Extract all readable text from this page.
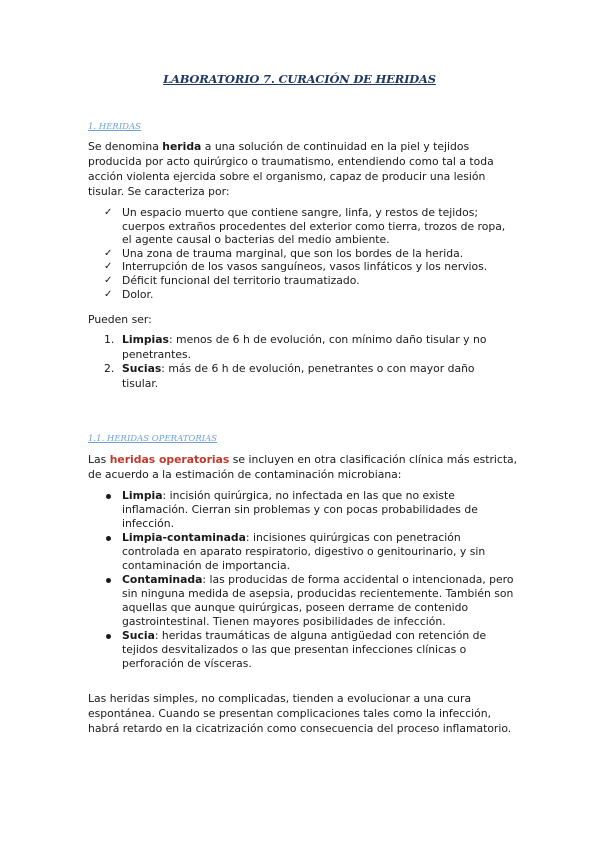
LABORATORIO 7. CURACIÓN DE HERIDAS
1. HERIDAS

Se denomina herida a una solución de continuidad en la piel y tejidos producida por acto quirúrgico o traumatismo, entendiendo como tal a toda acción violenta ejercida sobre el organismo, capaz de producir una lesión tisular. Se caracteriza por:

✓ Un espacio muerto que contiene sangre, linfa, y restos de tejidos; cuerpos extraños procedentes del exterior como tierra, trozos de ropa, el agente causal o bacterias del medio ambiente.
✓ Una zona de trauma marginal, que son los bordes de la herida.
✓ Interrupción de los vasos sanguíneos, vasos linfáticos y los nervios.
✓ Déficit funcional del territorio traumatizado.
✓ Dolor.

Pueden ser:

1. Limpias: menos de 6 h de evolución, con mínimo daño tisular y no penetrantes.
2. Sucias: más de 6 h de evolución, penetrantes o con mayor daño tisular.
1.1. HERIDAS OPERATORIAS

Las heridas operatorias se incluyen en otra clasificación clínica más estricta, de acuerdo a la estimación de contaminación microbiana:

Limpia: incisión quirúrgica, no infectada en las que no existe inflamación. Cierran sin problemas y con pocas probabilidades de infección.
Limpia-contaminada: incisiones quirúrgicas con penetración controlada en aparato respiratorio, digestivo o genitourinario, y sin contaminación de importancia.
Contaminada: las producidas de forma accidental o intencionada, pero sin ninguna medida de asepsia, producidas recientemente. También son aquellas que aunque quirúrgicas, poseen derrame de contenido gastrointestinal. Tienen mayores posibilidades de infección.
Sucia: heridas traumáticas de alguna antigüedad con retención de tejidos desvitalizados o las que presentan infecciones clínicas o perforación de vísceras.

Las heridas simples, no complicadas, tienden a evolucionar a una cura espontánea. Cuando se presentan complicaciones tales como la infección, habrá retardo en la cicatrización como consecuencia del proceso inflamatorio.
